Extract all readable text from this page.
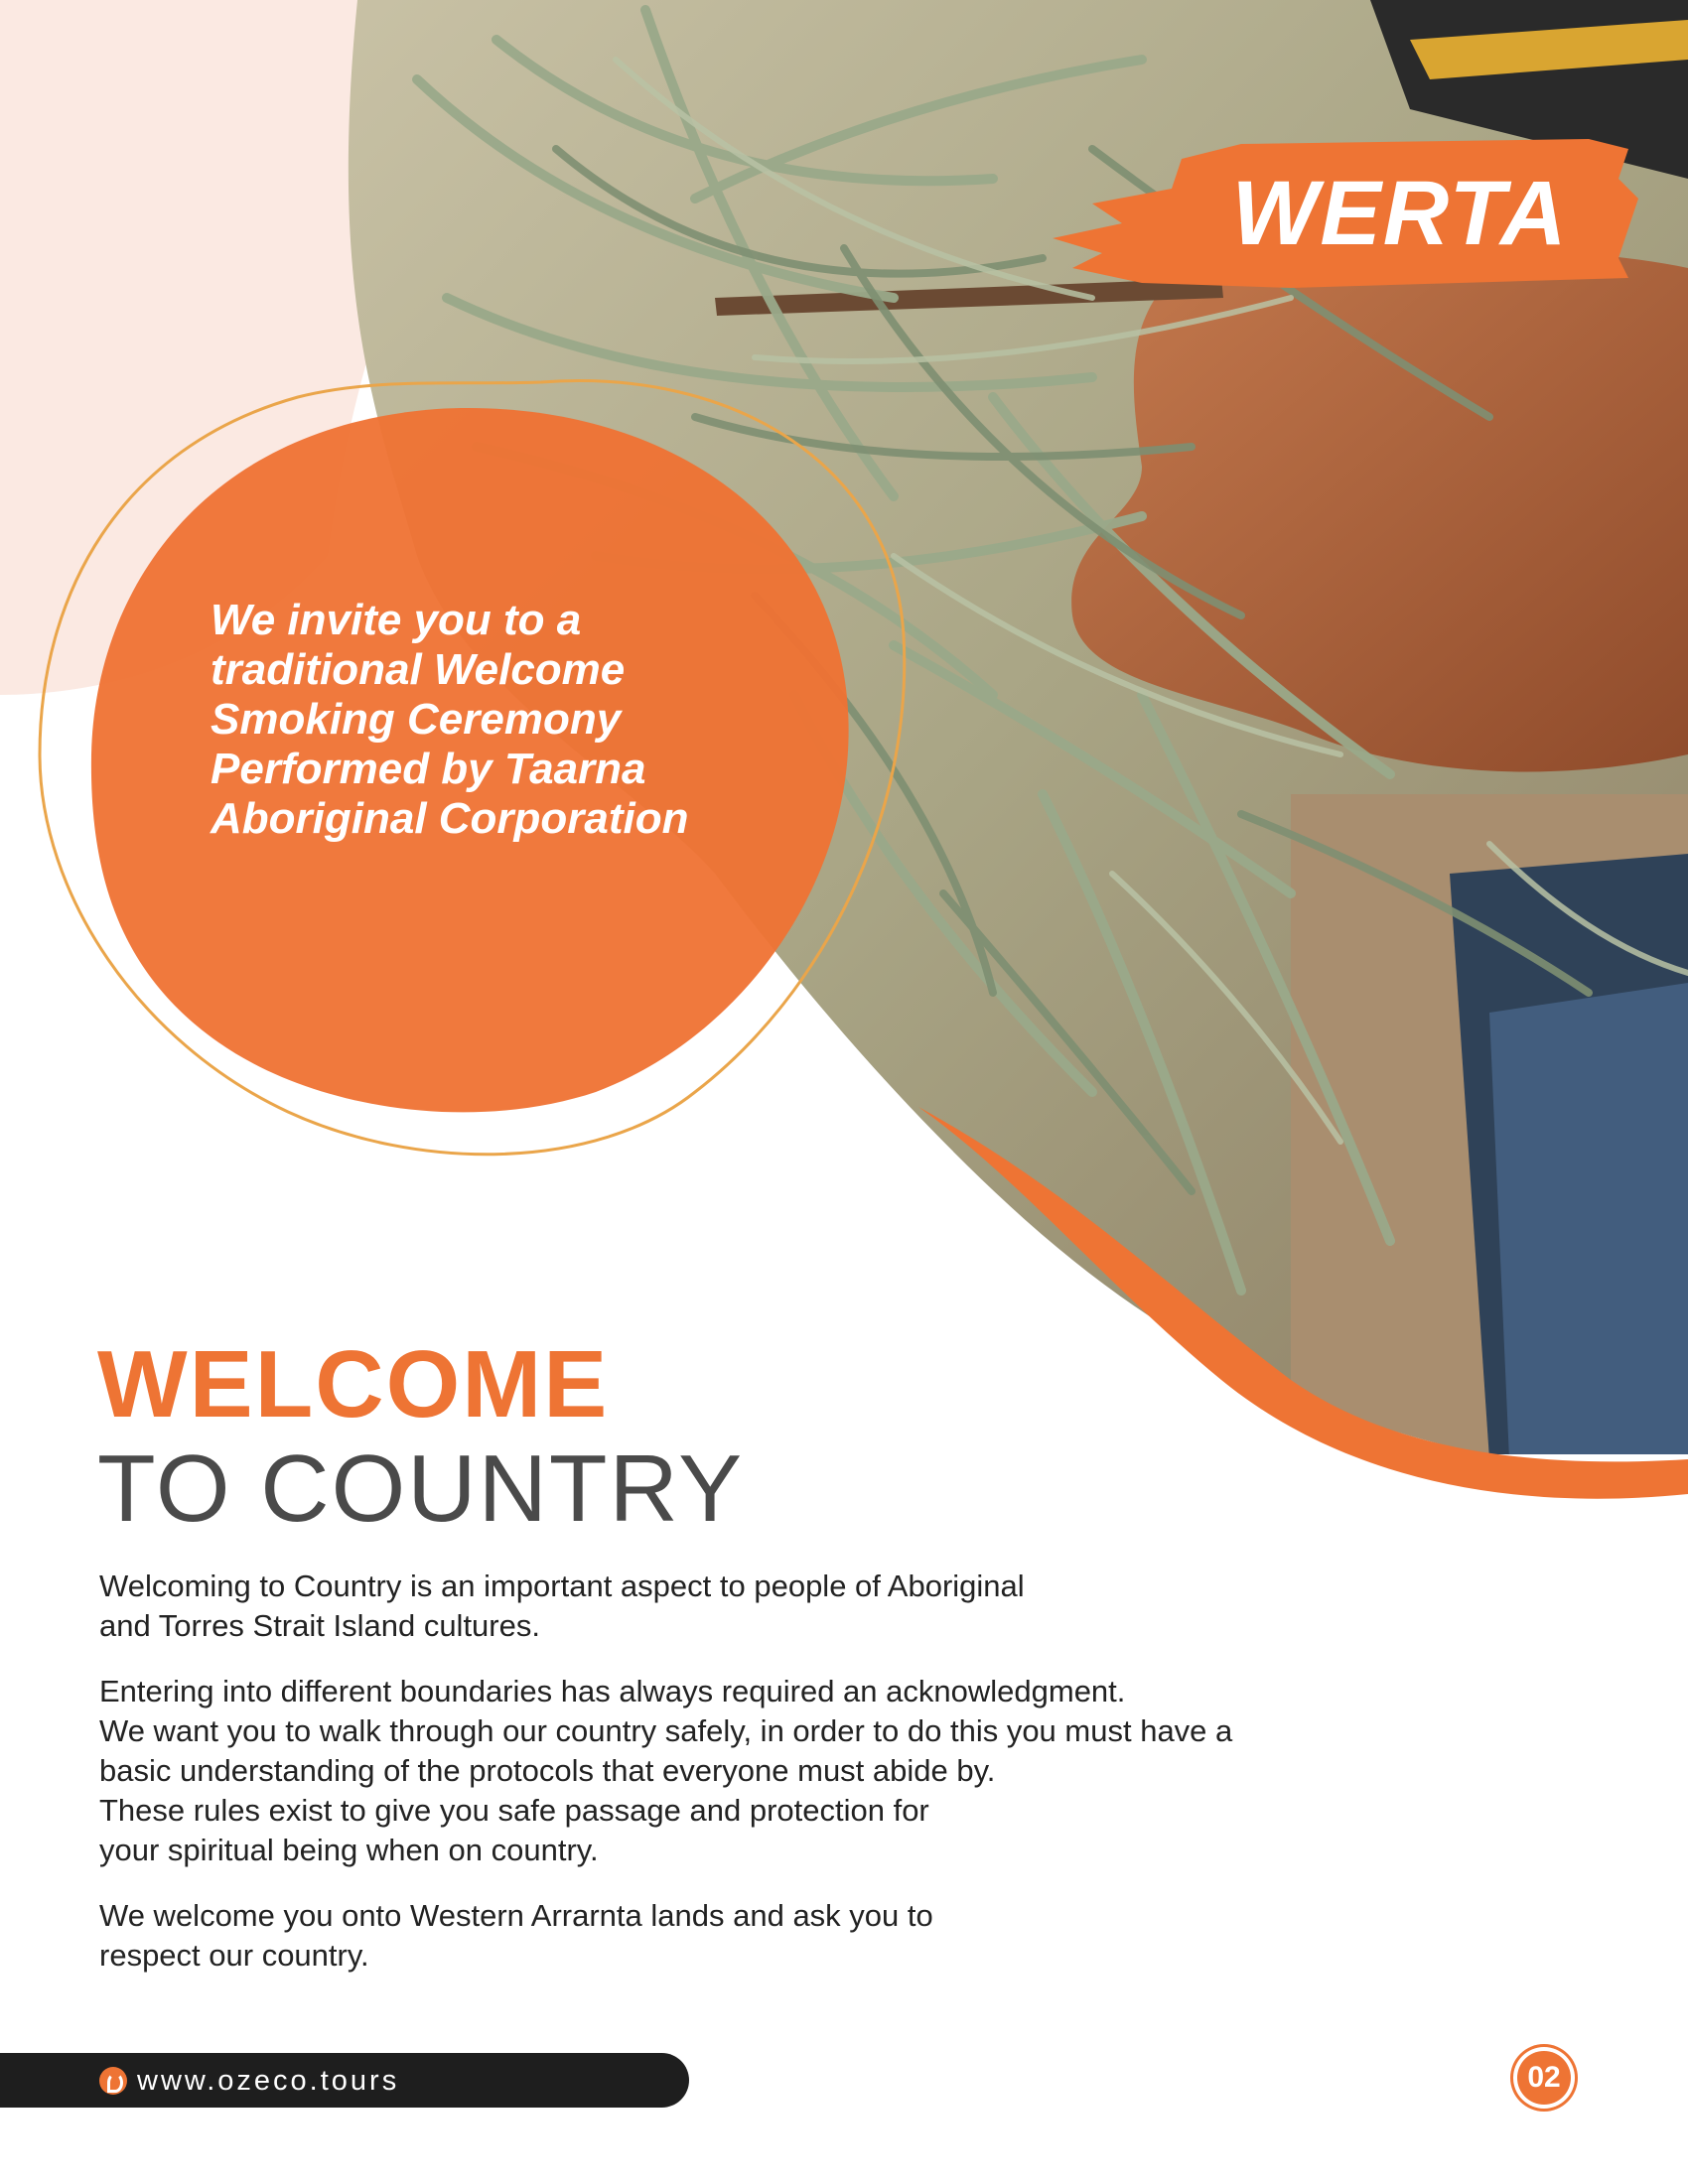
WERTA
We invite you to a
traditional Welcome
Smoking Ceremony
Performed by Taarna
Aboriginal Corporation
WELCOME
TO COUNTRY

Welcoming to Country is an important aspect to people of Aboriginal
and Torres Strait Island cultures.

Entering into different boundaries has always required an acknowledgment.
We want you to walk through our country safely, in order to do this you must have a
basic understanding of the protocols that everyone must abide by.
These rules exist to give you safe passage and protection for
your spiritual being when on country.

We welcome you onto Western Arrarnta lands and ask you to
respect our country.

www.ozeco.tours	02
